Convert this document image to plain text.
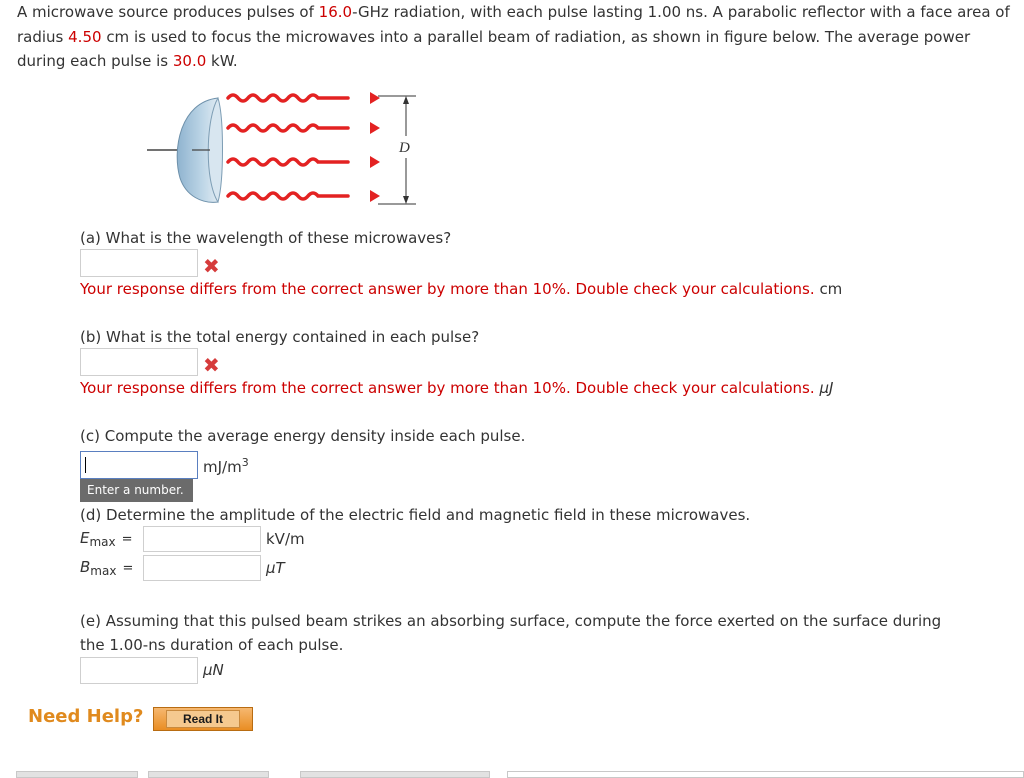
A microwave source produces pulses of 16.0-GHz radiation, with each pulse lasting 1.00 ns. A parabolic reflector with a face area of radius 4.50 cm is used to focus the microwaves into a parallel beam of radiation, as shown in figure below. The average power during each pulse is 30.0 kW.
D
(a) What is the wavelength of these microwaves?
✖
Your response differs from the correct answer by more than 10%. Double check your calculations. cm
(b) What is the total energy contained in each pulse?
✖
Your response differs from the correct answer by more than 10%. Double check your calculations. µJ
(c) Compute the average energy density inside each pulse.
$mJ/m^3$
Enter a number.
(d) Determine the amplitude of the electric field and magnetic field in these microwaves.
$E_{max}$ =	kV/m
$B_{max}$ =	µT
(e) Assuming that this pulsed beam strikes an absorbing surface, compute the force exerted on the surface during
the 1.00-ns duration of each pulse.
µN
Need Help?	Read It
